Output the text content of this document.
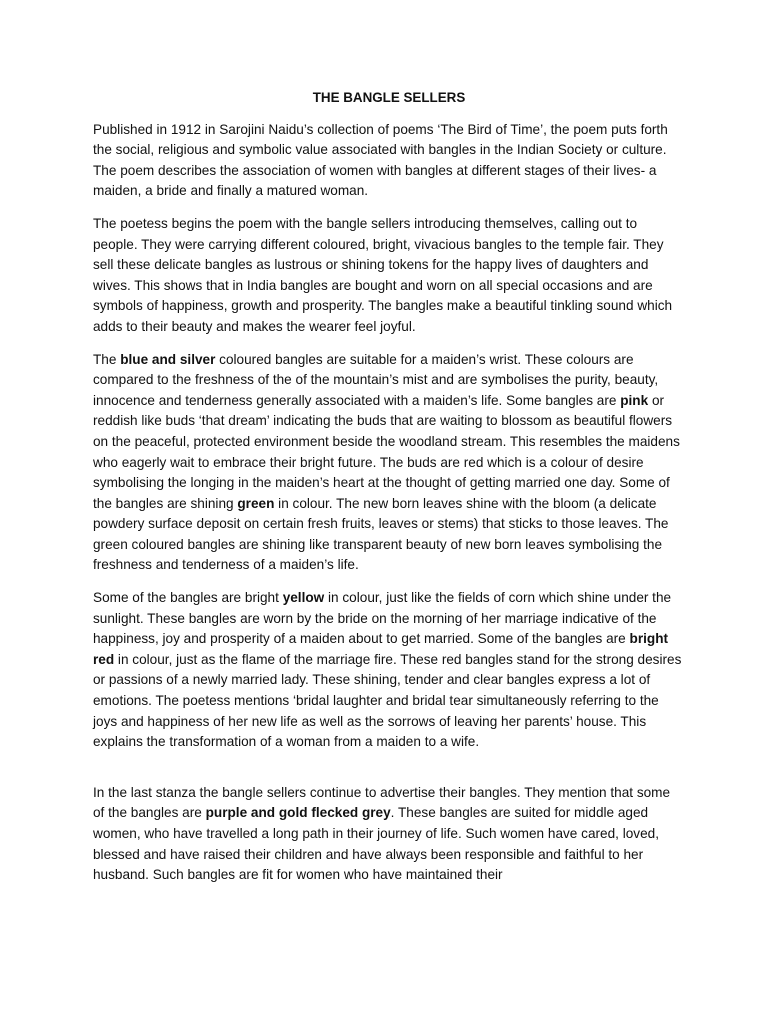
THE BANGLE SELLERS

Published in 1912 in Sarojini Naidu’s collection of poems ‘The Bird of Time’, the poem puts forth the social, religious and symbolic value associated with bangles in the Indian Society or culture. The poem describes the association of women with bangles at different stages of their lives- a maiden, a bride and finally a matured woman.

The poetess begins the poem with the bangle sellers introducing themselves, calling out to people. They were carrying different coloured, bright, vivacious bangles to the temple fair. They sell these delicate bangles as lustrous or shining tokens for the happy lives of daughters and wives. This shows that in India bangles are bought and worn on all special occasions and are symbols of happiness, growth and prosperity. The bangles make a beautiful tinkling sound which adds to their beauty and makes the wearer feel joyful.

The blue and silver coloured bangles are suitable for a maiden’s wrist. These colours are compared to the freshness of the of the mountain’s mist and are symbolises the purity, beauty, innocence and tenderness generally associated with a maiden’s life. Some bangles are pink or reddish like buds ‘that dream’ indicating the buds that are waiting to blossom as beautiful flowers on the peaceful, protected environment beside the woodland stream. This resembles the maidens who eagerly wait to embrace their bright future. The buds are red which is a colour of desire symbolising the longing in the maiden’s heart at the thought of getting married one day. Some of the bangles are shining green in colour. The new born leaves shine with the bloom (a delicate powdery surface deposit on certain fresh fruits, leaves or stems) that sticks to those leaves. The green coloured bangles are shining like transparent beauty of new born leaves symbolising the freshness and tenderness of a maiden’s life.

Some of the bangles are bright yellow in colour, just like the fields of corn which shine under the sunlight. These bangles are worn by the bride on the morning of her marriage indicative of the happiness, joy and prosperity of a maiden about to get married. Some of the bangles are bright red in colour, just as the flame of the marriage fire. These red bangles stand for the strong desires or passions of a newly married lady. These shining, tender and clear bangles express a lot of emotions. The poetess mentions ‘bridal laughter and bridal tear simultaneously referring to the joys and happiness of her new life as well as the sorrows of leaving her parents’ house. This explains the transformation of a woman from a maiden to a wife.

In the last stanza the bangle sellers continue to advertise their bangles. They mention that some of the bangles are purple and gold flecked grey. These bangles are suited for middle aged women, who have travelled a long path in their journey of life. Such women have cared, loved, blessed and have raised their children and have always been responsible and faithful to her husband. Such bangles are fit for women who have maintained their
